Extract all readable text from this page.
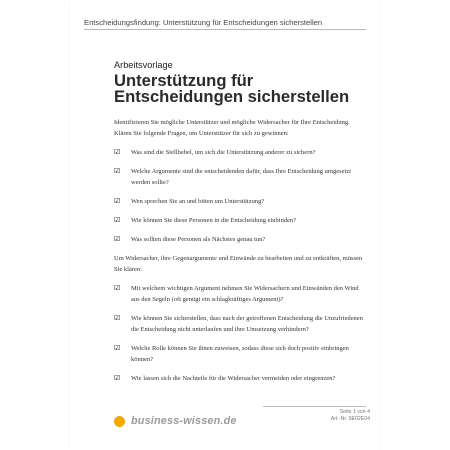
Entscheidungsfindung: Unterstützung für Entscheidungen sicherstellen
Arbeitsvorlage
Unterstützung für Entscheidungen sicherstellen

Identifizieren Sie mögliche Unterstützer und mögliche Widersacher für Ihre Entscheidung. Klären Sie folgende Fragen, um Unterstützer für sich zu gewinnen:

☑	Was sind die Stellhebel, um sich die Unterstützung anderer zu sichern?
☑	Welche Argumente sind die entscheidenden dafür, dass Ihre Entscheidung umgesetzt werden sollte?
☑	Wen sprechen Sie an und bitten um Unterstützung?
☑	Wie können Sie diese Personen in die Entscheidung einbinden?
☑	Was sollten diese Personen als Nächstes genau tun?

Um Widersacher, ihre Gegenargumente und Einwände zu bearbeiten und zu entkräften, müssen Sie klären:

☑	Mit welchem wichtigen Argument nehmen Sie Widersachern und Einwänden den Wind aus den Segeln (oft genügt ein schlagkräftiges Argument)?
☑	Wie können Sie sicherstellen, dass nach der getroffenen Entscheidung die Unzufriedenen die Entscheidung nicht unterlaufen und ihre Umsetzung verhindern?
☑	Welche Rolle können Sie ihnen zuweisen, sodass diese sich doch positiv einbringen können?
☑	Wie lassen sich die Nachteile für die Widersacher vermeiden oder eingrenzen?
business-wissen.de
Seite 1 von 4
Art.-Nr. 9E02E04
